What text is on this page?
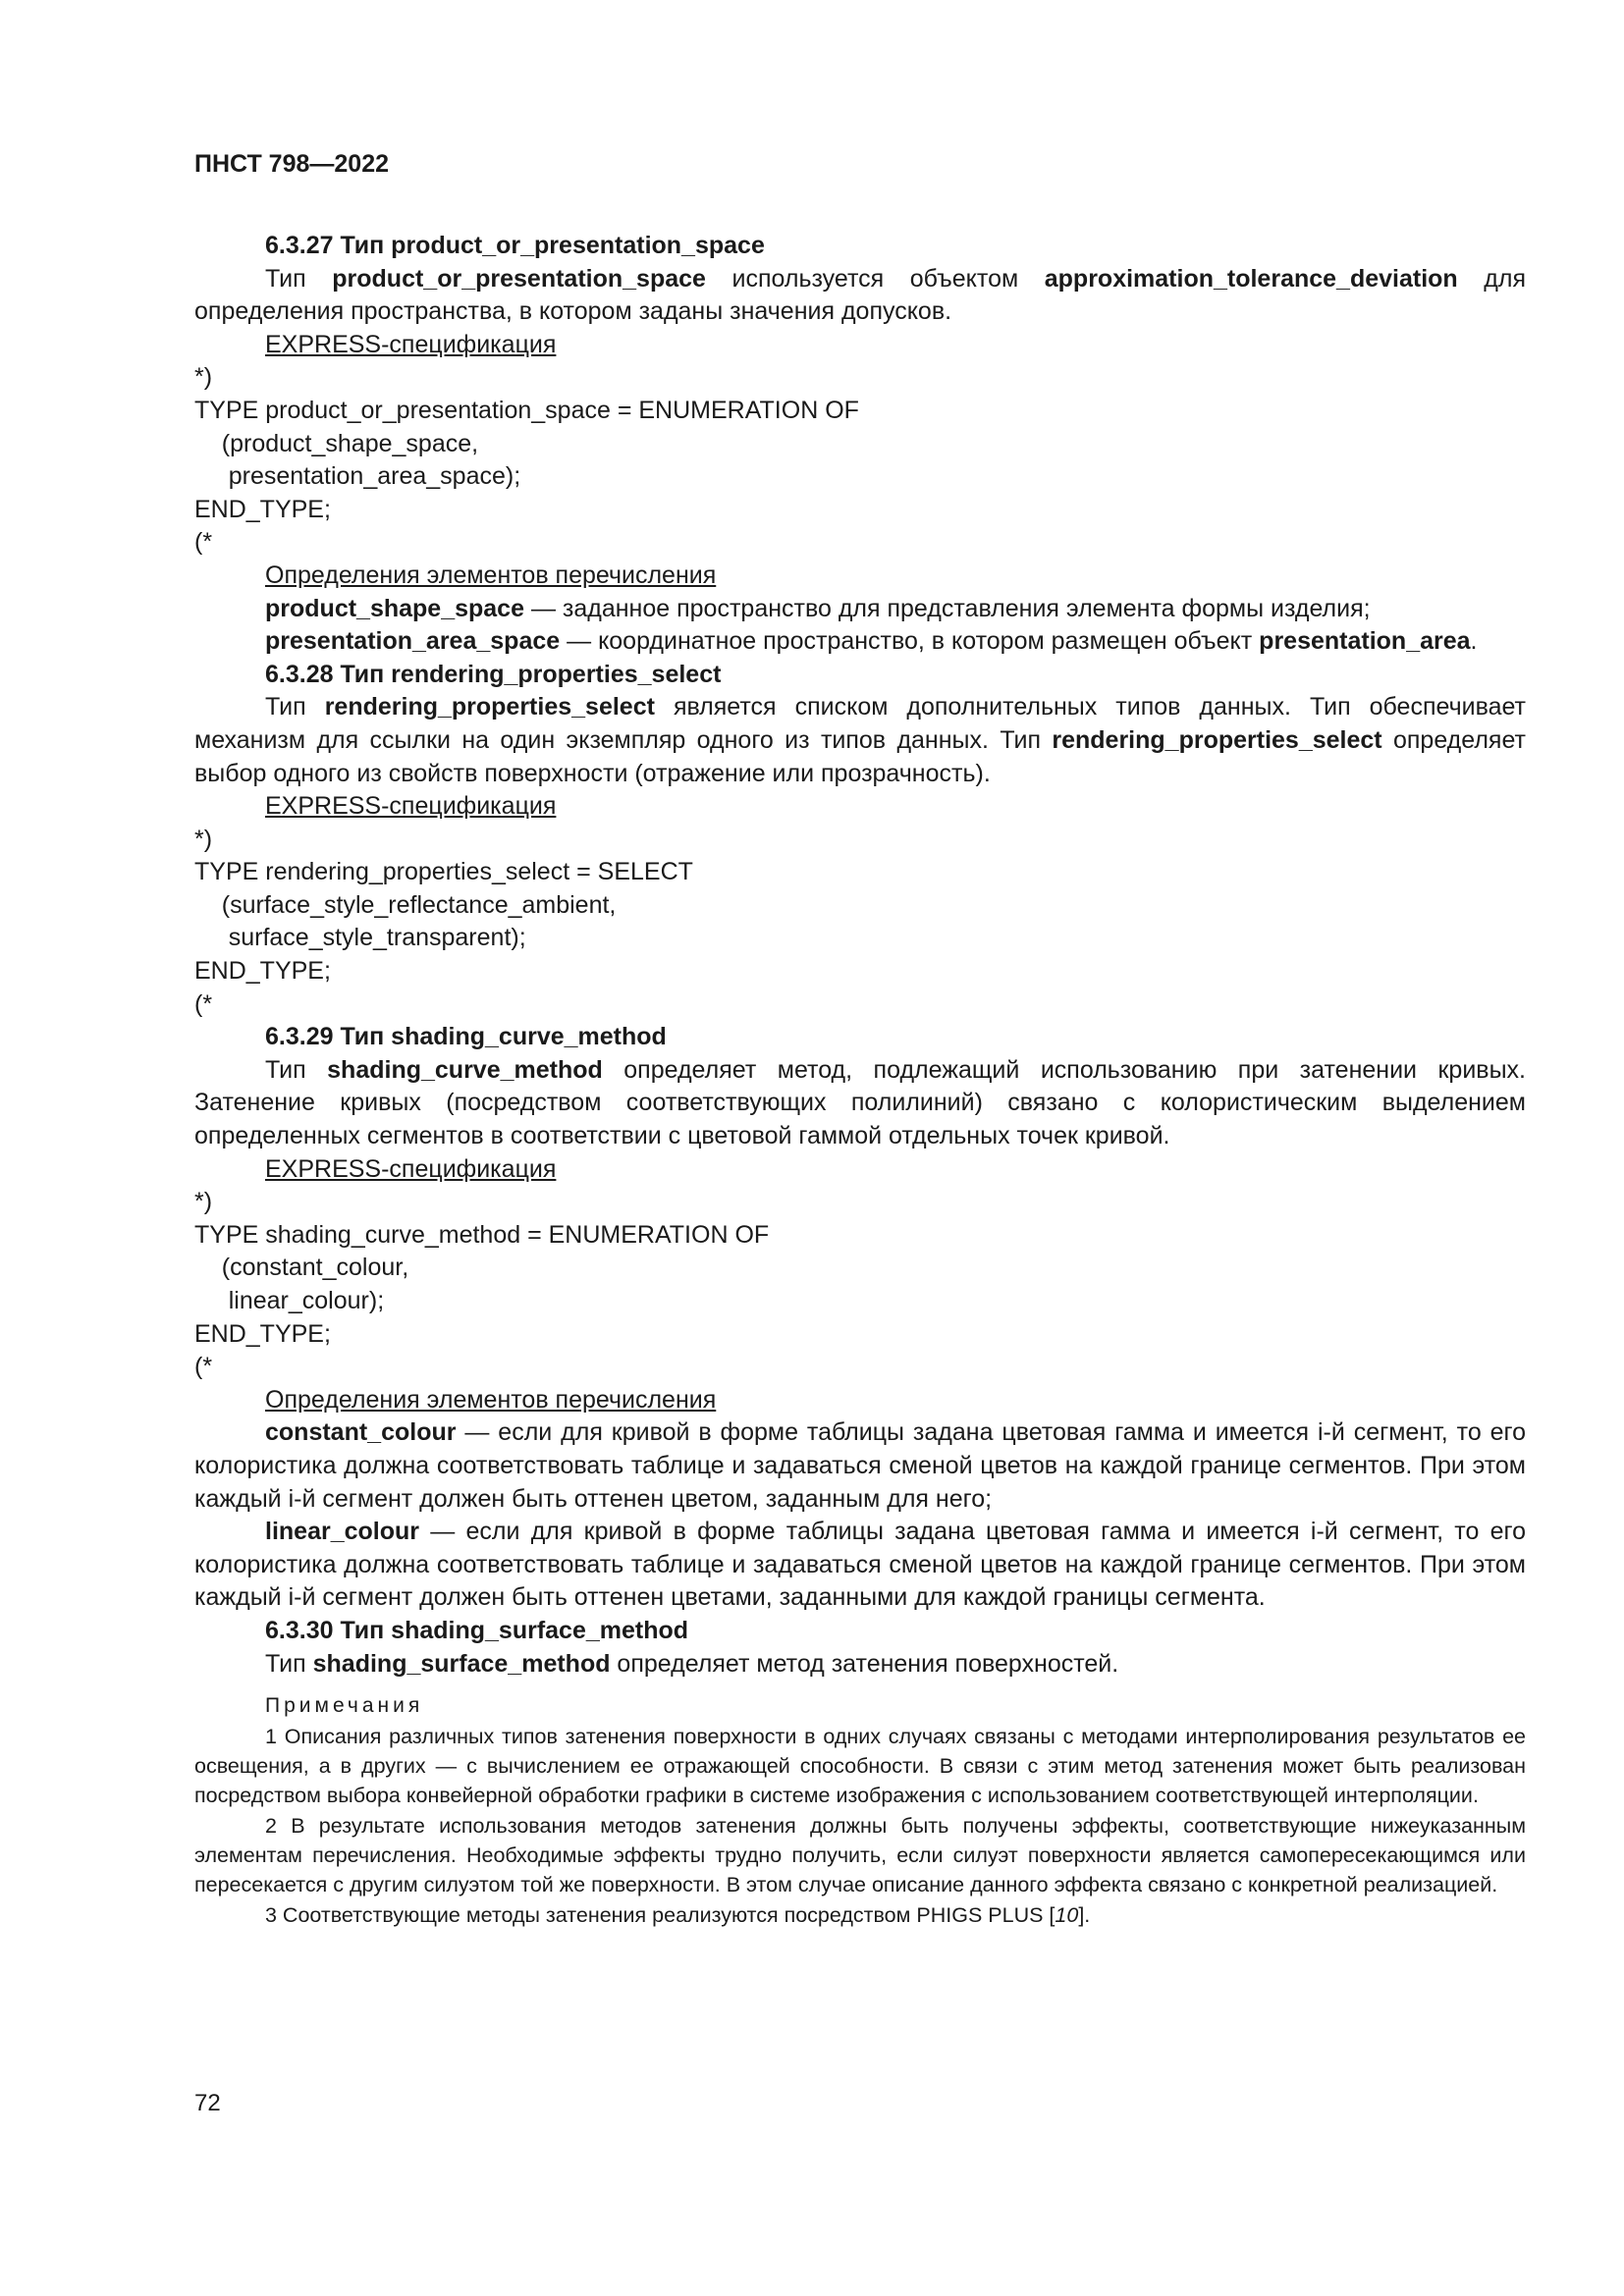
ПНСТ 798—2022

6.3.27 Тип product_or_presentation_space

Тип product_or_presentation_space используется объектом approximation_tolerance_deviation для определения пространства, в котором заданы значения допусков.

EXPRESS-спецификация

*)
TYPE product_or_presentation_space = ENUMERATION OF
(product_shape_space,
presentation_area_space);
END_TYPE;
(*

Определения элементов перечисления

product_shape_space — заданное пространство для представления элемента формы изделия;

presentation_area_space — координатное пространство, в котором размещен объект presentation_area.

6.3.28 Тип rendering_properties_select

Тип rendering_properties_select является списком дополнительных типов данных. Тип обеспечивает механизм для ссылки на один экземпляр одного из типов данных. Тип rendering_properties_select определяет выбор одного из свойств поверхности (отражение или прозрачность).

EXPRESS-спецификация

*)
TYPE rendering_properties_select = SELECT
(surface_style_reflectance_ambient,
surface_style_transparent);
END_TYPE;
(*

6.3.29 Тип shading_curve_method

Тип shading_curve_method определяет метод, подлежащий использованию при затенении кривых. Затенение кривых (посредством соответствующих полилиний) связано с колористическим выделением определенных сегментов в соответствии с цветовой гаммой отдельных точек кривой.

EXPRESS-спецификация

*)
TYPE shading_curve_method = ENUMERATION OF
(constant_colour,
linear_colour);
END_TYPE;
(*

Определения элементов перечисления

constant_colour — если для кривой в форме таблицы задана цветовая гамма и имеется i-й сегмент, то его колористика должна соответствовать таблице и задаваться сменой цветов на каждой границе сегментов. При этом каждый i-й сегмент должен быть оттенен цветом, заданным для него;

linear_colour — если для кривой в форме таблицы задана цветовая гамма и имеется i-й сегмент, то его колористика должна соответствовать таблице и задаваться сменой цветов на каждой границе сегментов. При этом каждый i-й сегмент должен быть оттенен цветами, заданными для каждой границы сегмента.

6.3.30 Тип shading_surface_method

Тип shading_surface_method определяет метод затенения поверхностей.

Примечания

1 Описания различных типов затенения поверхности в одних случаях связаны с методами интерполирования результатов ее освещения, а в других — с вычислением ее отражающей способности. В связи с этим метод затенения может быть реализован посредством выбора конвейерной обработки графики в системе изображения с использованием соответствующей интерполяции.

2 В результате использования методов затенения должны быть получены эффекты, соответствующие нижеуказанным элементам перечисления. Необходимые эффекты трудно получить, если силуэт поверхности является самопересекающимся или пересекается с другим силуэтом той же поверхности. В этом случае описание данного эффекта связано с конкретной реализацией.

3 Соответствующие методы затенения реализуются посредством PHIGS PLUS [10].

72
